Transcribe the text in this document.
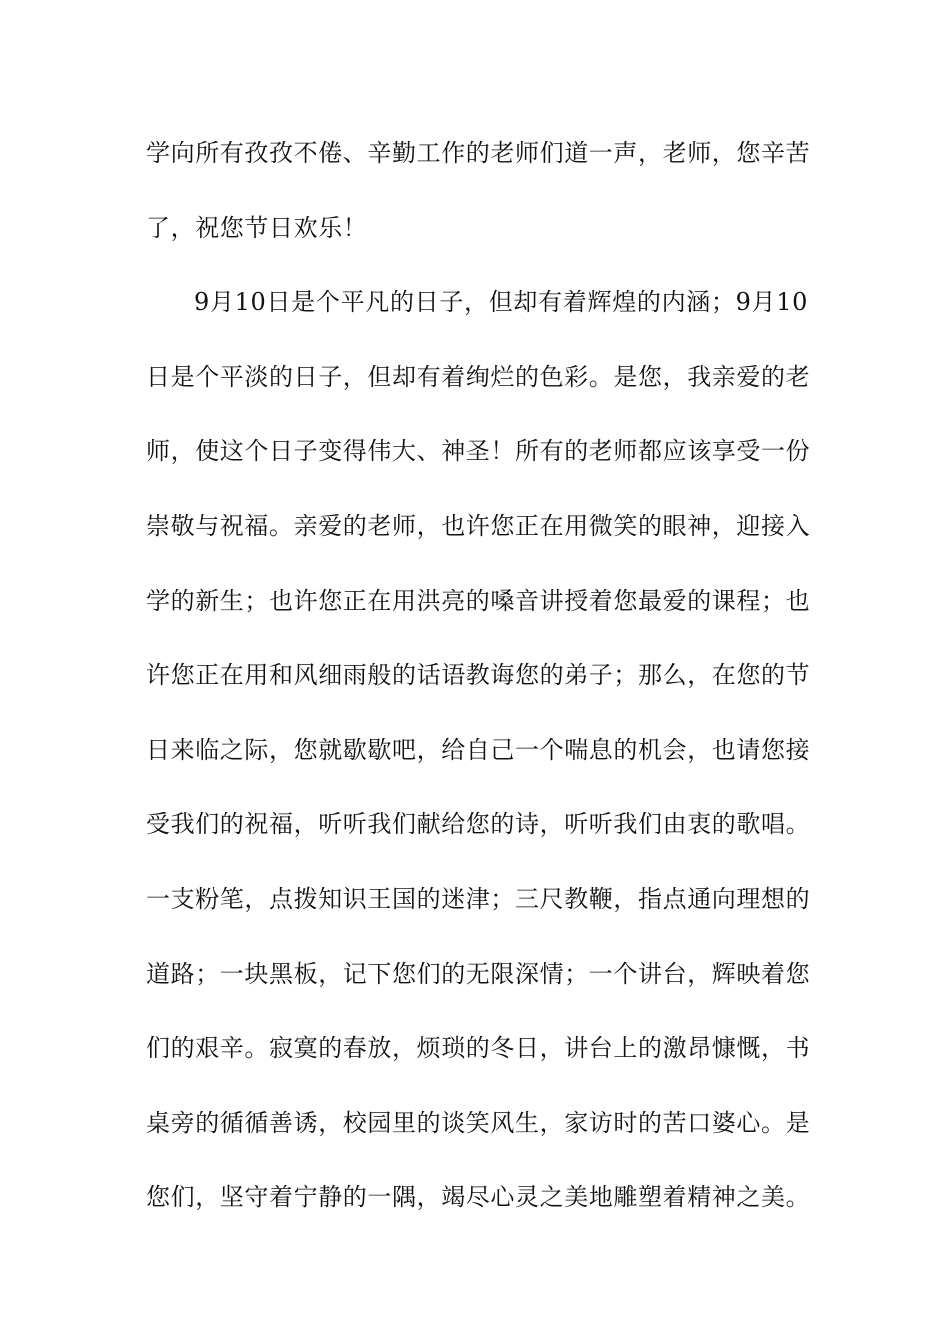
学向所有孜孜不倦、辛勤工作的老师们道一声，老师，您辛苦
了，祝您节日欢乐！
9月10日是个平凡的日子，但却有着辉煌的内涵；9月10
日是个平淡的日子，但却有着绚烂的色彩。是您，我亲爱的老
师，使这个日子变得伟大、神圣！所有的老师都应该享受一份
崇敬与祝福。亲爱的老师，也许您正在用微笑的眼神，迎接入
学的新生；也许您正在用洪亮的嗓音讲授着您最爱的课程；也
许您正在用和风细雨般的话语教诲您的弟子；那么，在您的节
日来临之际，您就歇歇吧，给自己一个喘息的机会，也请您接
受我们的祝福，听听我们献给您的诗，听听我们由衷的歌唱。
一支粉笔，点拨知识王国的迷津；三尺教鞭，指点通向理想的
道路；一块黑板，记下您们的无限深情；一个讲台，辉映着您
们的艰辛。寂寞的春放，烦琐的冬日，讲台上的激昂慷慨，书
桌旁的循循善诱，校园里的谈笑风生，家访时的苦口婆心。是
您们，坚守着宁静的一隅，竭尽心灵之美地雕塑着精神之美。
